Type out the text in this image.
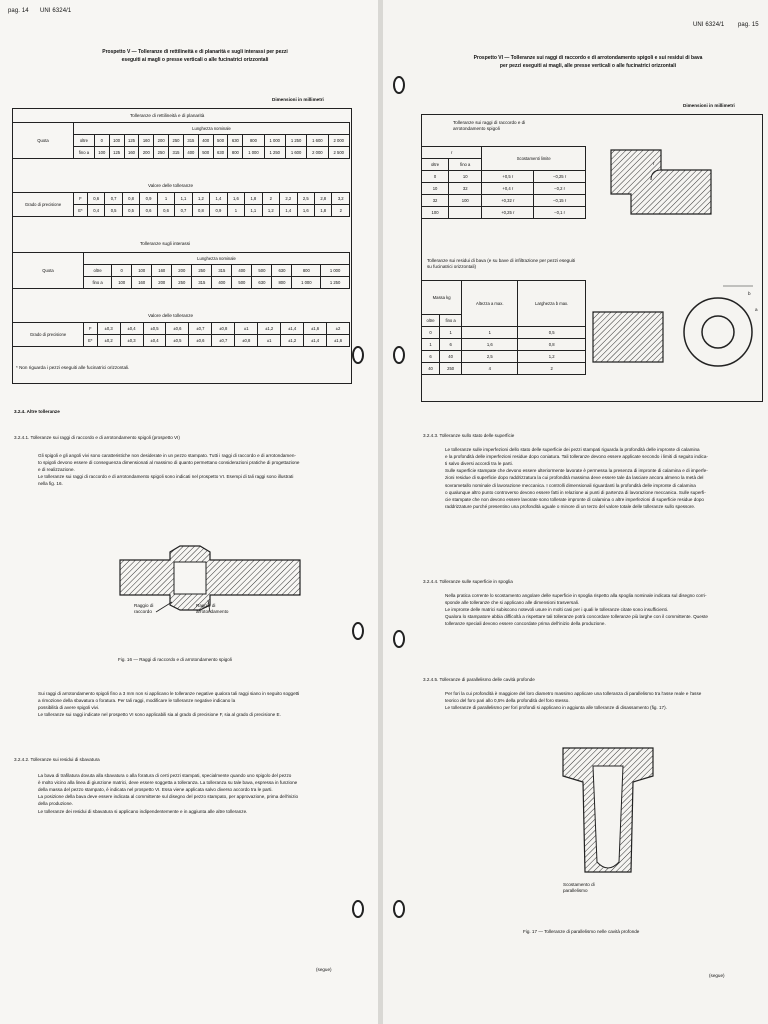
pag. 14 UNI 6324/1
Prospetto V — Tolleranze di rettilineità e di planarità e sugli interassi per pezzi
eseguiti ai magli o presse verticali o alle fucinatrici orizzontali
Dimensioni in millimetri
Tolleranze di rettilineità e di planarità
Quota	Lunghezza nominale															
	oltre	0	100	125	160	200	250	315	400	500	630	800	1 000	1 250	1 600	2 000
	fino a	100	125	160	200	250	315	400	500	630	800	1 000	1 250	1 600	2 000	2 500
Valore delle tolleranze
Grado di precisione	F	0,6	0,7	0,8	0,9	1	1,1	1,2	1,4	1,6	1,8	2	2,2	2,5	2,8	3,2
	E*	0,4	0,5	0,5	0,6	0,6	0,7	0,8	0,9	1	1,1	1,2	1,4	1,6	1,8	2
Tolleranze sugli interassi
Quota	Lunghezza nominale											
	oltre	0	100	160	200	250	315	400	500	630	800	1 000
	fino a	100	160	200	250	315	400	500	630	800	1 000	1 250
Valore delle tolleranze
Grado di precisione	F	±0,3	±0,4	±0,5	±0,6	±0,7	±0,8	±1	±1,2	±1,4	±1,6	±2
	E*	±0,2	±0,3	±0,4	±0,5	±0,6	±0,7	±0,8	±1	±1,2	±1,4	±1,6
* Non riguarda i pezzi eseguiti alle fucinatrici orizzontali.
3.2.4. Altre tolleranze
3.2.4.1. Tolleranze sui raggi di raccordo e di arrotondamento spigoli (prospetto VI)
Gli spigoli e gli angoli vivi sono caratteristiche non desiderate in un pezzo stampato. Tutti i raggi di raccordo e di arrotondamen-
to spigoli devono essere di conseguenza dimensionati al massimo di quanto permettano considerazioni pratiche di progettazione
e di realizzazione.
Le tolleranze sui raggi di raccordo e di arrotondamento spigoli sono indicati nel prospetto VI. Esempi di tali raggi sono illustrati
nella fig. 16.
Raggio di raccordo
Raggio di arrotondamento
Fig. 16 — Raggi di raccordo e di arrotondamento spigoli
Sui raggi di arrotondamento spigoli fino a 3 mm non si applicano le tolleranze negative qualora tali raggi siano in seguito soggetti
a rimozione della sbavatura o foratura. Per tali raggi, modificare le tolleranze negative indicano la
possibilità di avere spigoli vivi.
Le tolleranze sui raggi indicate nel prospetto VI sono applicabili sia al grado di precisione F, sia al grado di precisione E.
3.2.4.2. Tolleranze sui residui di sbavatura
La bava di trafilatura dovuta alla sbavatura o alla foratura di certi pezzi stampati, specialmente quando uno spigolo del pezzo
è molto vicino alla linea di giunzione matrici, deve essere soggetta a tolleranza. La tolleranza su tale bava, espressa in funzione
della massa del pezzo stampato, è indicata nel prospetto VI. Essa viene applicata salvo diverso accordo tra le parti.
La posizione della bava deve essere indicata al committente sul disegno del pezzo stampato, per approvazione, prima dell'inizio
della produzione.
Le tolleranze dei residui di sbavatura si applicano indipendentemente e in aggiunta alle altre tolleranze.
(segue)
UNI 6324/1 pag. 15
Prospetto VI — Tolleranze sui raggi di raccordo e di arrotondamento spigoli e sui residui di bava
per pezzi eseguiti ai magli, alle presse verticali o alle fucinatrici orizzontali
Dimensioni in millimetri
Tolleranze sui raggi di raccordo e di arrotondamento spigoli
r		Scostamenti limite	
oltre	fino a		
0	10	+0,5 r	−0,25 r
10	32	+0,4 r	−0,2 r
32	100	+0,32 r	−0,15 r
100		+0,25 r	−0,1 r
Tolleranze sui residui di bava (e su bave di infiltrazione per pezzi eseguiti su fucinatrici orizzontali)
Massa kg		Altezza a max.	Larghezza b max.
oltre	fino a		
0	1	1	0,5
1	6	1,6	0,8
6	40	2,5	1,2
40	250	4	2
b
a
r
3.2.4.3. Tolleranze sullo stato delle superficie
Le tolleranze sulle imperfezioni dello stato delle superficie dei pezzi stampati riguarda la profondità delle impronte di calamina
e la profondità delle imperfezioni residue dopo coniatura. Tali tolleranze devono essere applicate secondo i limiti di seguito indica-
ti salvo diversi accordi tra le parti.
Sulle superficie stampate che devono essere ulteriormente lavorate è permessa la presenza di impronte di calamina e di imperfe-
zioni residue di superficie dopo raddrizzatura la cui profondità massima deve essere tale da lasciare ancora almeno la metà del
sovrametallo nominale di lavorazione meccanica. I controlli dimensionali riguardanti la profondità delle impronte di calamina
o qualunque altro punto controverso devono essere fatti in relazione ai punti di partenza di lavorazione meccanica. Sulle superfi-
cie stampate che non devono essere lavorate sono tollerate impronte di calamina o altre imperfezioni di superficie residue dopo
raddrizzature purché presentino una profondità uguale o minore di un terzo del valore totale delle tolleranze sullo spessore.
3.2.4.4. Tolleranze sulle superficie in spoglia
Nella pratica corrente lo scostamento angolare delle superficie in spoglia rispetto alla spoglia nominale indicata sul disegno corri-
sponde alle tolleranze che si applicano alle dimensioni trasversali.
Le impronte delle matrici subiscono notevoli usure in molti casi per i quali le tolleranze citate sono insufficienti.
Qualora lo stampatore abbia difficoltà a rispettare tali tolleranze potrà concordare tolleranze più larghe con il committente. Queste
tolleranze speciali devono essere concordate prima dell'inizio della produzione.
3.2.4.5. Tolleranze di parallelismo delle cavità profonde
Per fori la cui profondità è maggiore del loro diametro massimo applicare una tolleranza di parallelismo tra l'asse reale e l'asse
teorico del foro pari allo 0,5% della profondità del foro stesso.
Le tolleranze di parallelismo per fori profondi si applicano in aggiunta alle tolleranze di disassamento (fig. 17).
Scostamento di parallelismo
Fig. 17 — Tolleranze di parallelismo nelle cavità profonde
(segue)
